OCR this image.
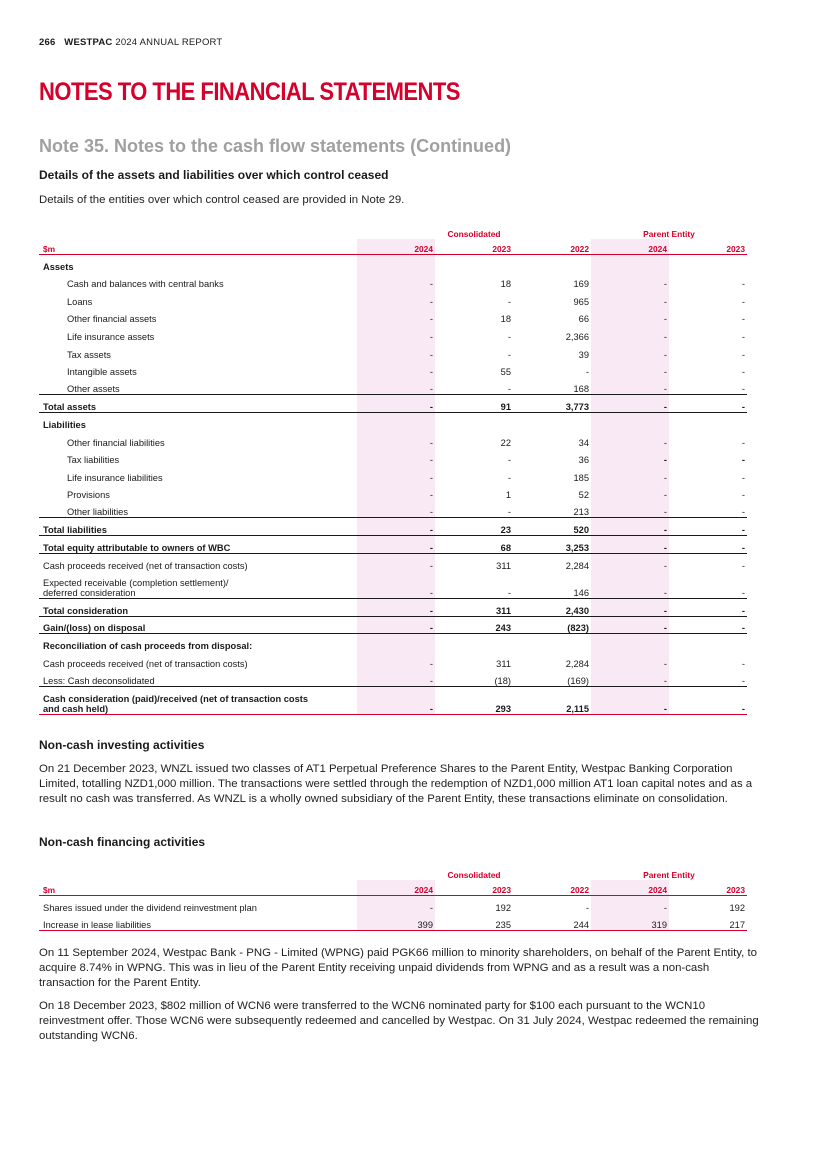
266 WESTPAC 2024 ANNUAL REPORT
NOTES TO THE FINANCIAL STATEMENTS
Note 35. Notes to the cash flow statements (Continued)
Details of the assets and liabilities over which control ceased
Details of the entities over which control ceased are provided in Note 29.
	Consolidated			Parent Entity	
$m	2024	2023	2022	2024	2023
Assets					
Cash and balances with central banks	-	18	169	-	-
Loans	-	-	965	-	-
Other financial assets	-	18	66	-	-
Life insurance assets	-	-	2,366	-	-
Tax assets	-	-	39	-	-
Intangible assets	-	55	-	-	-
Other assets	-	-	168	-	-
Total assets	-	91	3,773	-	-
Liabilities					
Other financial liabilities	-	22	34	-	-
Tax liabilities	-	-	36	-	-
Life insurance liabilities	-	-	185	-	-
Provisions	-	1	52	-	-
Other liabilities	-	-	213	-	-
Total liabilities	-	23	520	-	-
Total equity attributable to owners of WBC	-	68	3,253	-	-
Cash proceeds received (net of transaction costs)	-	311	2,284	-	-
Expected receivable (completion settlement)/
deferred consideration	-	-	146	-	-
Total consideration	-	311	2,430	-	-
Gain/(loss) on disposal	-	243	(823)	-	-
Reconciliation of cash proceeds from disposal:					
Cash proceeds received (net of transaction costs)	-	311	2,284	-	-
Less: Cash deconsolidated	-	(18)	(169)	-	-
Cash consideration (paid)/received (net of transaction costs
and cash held)	-	293	2,115	-	-
Non-cash investing activities
On 21 December 2023, WNZL issued two classes of AT1 Perpetual Preference Shares to the Parent Entity, Westpac Banking Corporation Limited, totalling NZD1,000 million. The transactions were settled through the redemption of NZD1,000 million AT1 loan capital notes and as a result no cash was transferred. As WNZL is a wholly owned subsidiary of the Parent Entity, these transactions eliminate on consolidation.
Non-cash financing activities
	Consolidated			Parent Entity	
$m	2024	2023	2022	2024	2023
Shares issued under the dividend reinvestment plan	-	192	-	-	192
Increase in lease liabilities	399	235	244	319	217
On 11 September 2024, Westpac Bank - PNG - Limited (WPNG) paid PGK66 million to minority shareholders, on behalf of the Parent Entity, to acquire 8.74% in WPNG. This was in lieu of the Parent Entity receiving unpaid dividends from WPNG and as a result was a non-cash transaction for the Parent Entity.
On 18 December 2023, $802 million of WCN6 were transferred to the WCN6 nominated party for $100 each pursuant to the WCN10 reinvestment offer. Those WCN6 were subsequently redeemed and cancelled by Westpac. On 31 July 2024, Westpac redeemed the remaining outstanding WCN6.
